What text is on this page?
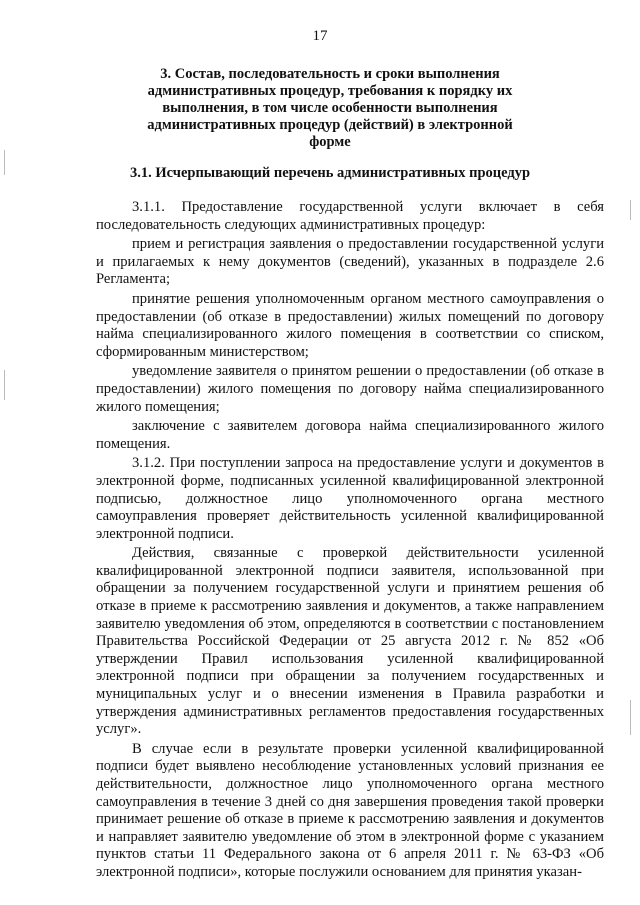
17
3. Состав, последовательность и сроки выполнения административных процедур, требования к порядку их выполнения, в том числе особенности выполнения административных процедур (действий) в электронной форме
3.1. Исчерпывающий перечень административных процедур

3.1.1. Предоставление государственной услуги включает в себя последовательность следующих административных процедур:

прием и регистрация заявления о предоставлении государственной услуги и прилагаемых к нему документов (сведений), указанных в подразделе 2.6 Регламента;

принятие решения уполномоченным органом местного самоуправления о предоставлении (об отказе в предоставлении) жилых помещений по договору найма специализированного жилого помещения в соответствии со списком, сформированным министерством;

уведомление заявителя о принятом решении о предоставлении (об отказе в предоставлении) жилого помещения по договору найма специализированного жилого помещения;

заключение с заявителем договора найма специализированного жилого помещения.

3.1.2. При поступлении запроса на предоставление услуги и документов в электронной форме, подписанных усиленной квалифицированной электронной подписью, должностное лицо уполномоченного органа местного самоуправления проверяет действительность усиленной квалифицированной электронной подписи.

Действия, связанные с проверкой действительности усиленной квалифицированной электронной подписи заявителя, использованной при обращении за получением государственной услуги и принятием решения об отказе в приеме к рассмотрению заявления и документов, а также направлением заявителю уведомления об этом, определяются в соответствии с постановлением Правительства Российской Федерации от 25 августа 2012 г. № 852 «Об утверждении Правил использования усиленной квалифицированной электронной подписи при обращении за получением государственных и муниципальных услуг и о внесении изменения в Правила разработки и утверждения административных регламентов предоставления государственных услуг».

В случае если в результате проверки усиленной квалифицированной подписи будет выявлено несоблюдение установленных условий признания ее действительности, должностное лицо уполномоченного органа местного самоуправления в течение 3 дней со дня завершения проведения такой проверки принимает решение об отказе в приеме к рассмотрению заявления и документов и направляет заявителю уведомление об этом в электронной форме с указанием пунктов статьи 11 Федерального закона от 6 апреля 2011 г. № 63-ФЗ «Об электронной подписи», которые послужили основанием для принятия указан-
